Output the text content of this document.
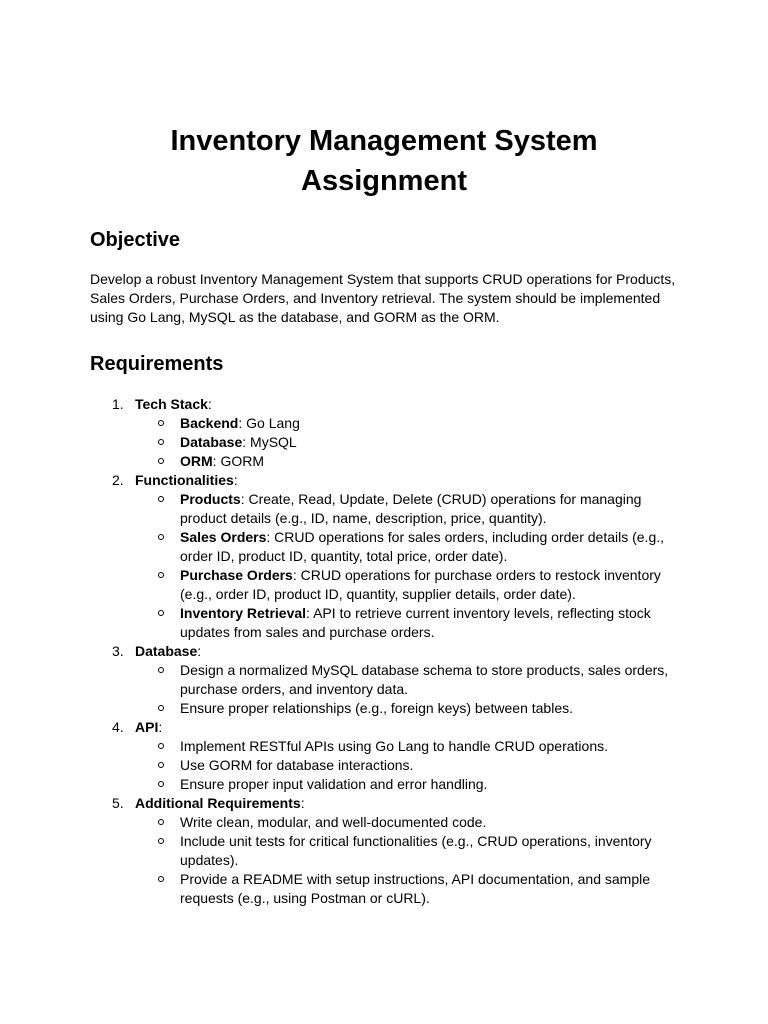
Inventory Management System
Assignment
Objective

Develop a robust Inventory Management System that supports CRUD operations for Products, Sales Orders, Purchase Orders, and Inventory retrieval. The system should be implemented using Go Lang, MySQL as the database, and GORM as the ORM.

Requirements
1. Tech Stack:
Backend: Go Lang
Database: MySQL
ORM: GORM
2. Functionalities:
Products: Create, Read, Update, Delete (CRUD) operations for managing product details (e.g., ID, name, description, price, quantity).
Sales Orders: CRUD operations for sales orders, including order details (e.g., order ID, product ID, quantity, total price, order date).
Purchase Orders: CRUD operations for purchase orders to restock inventory (e.g., order ID, product ID, quantity, supplier details, order date).
Inventory Retrieval: API to retrieve current inventory levels, reflecting stock updates from sales and purchase orders.
3. Database:
Design a normalized MySQL database schema to store products, sales orders, purchase orders, and inventory data.
Ensure proper relationships (e.g., foreign keys) between tables.
4. API:
Implement RESTful APIs using Go Lang to handle CRUD operations.
Use GORM for database interactions.
Ensure proper input validation and error handling.
5. Additional Requirements:
Write clean, modular, and well-documented code.
Include unit tests for critical functionalities (e.g., CRUD operations, inventory updates).
Provide a README with setup instructions, API documentation, and sample requests (e.g., using Postman or cURL).
